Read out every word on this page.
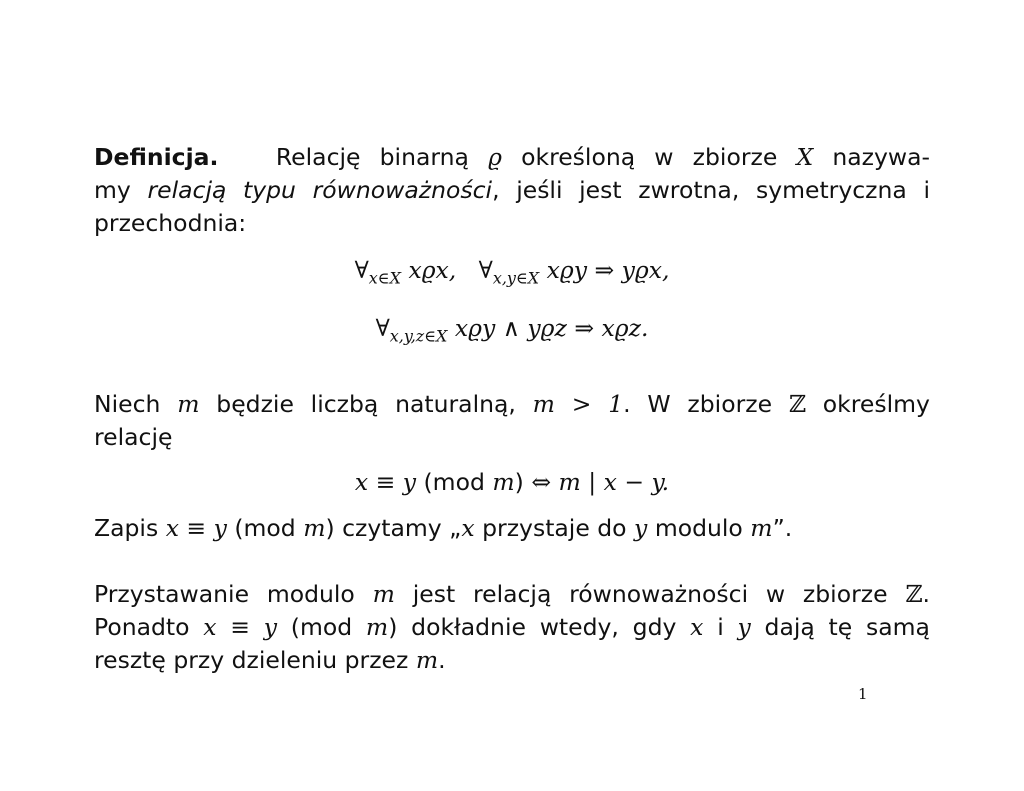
Definicja. Relację binarną ϱ określoną w zbiorze X nazywa-
my relacją typu równoważności, jeśli jest zwrotna, symetryczna i
przechodnia:
$\forall_{x\in X}$ xϱx, $\forall_{x,y\in X}$ xϱy ⇒ yϱx,
$\forall_{x,y,z\in X}$ xϱy ∧ yϱz ⇒ xϱz.
Niech m będzie liczbą naturalną, m > 1. W zbiorze ℤ określmy
relację
x ≡ y (mod m) ⇔ m | x − y.
Zapis x ≡ y (mod m) czytamy „x przystaje do y modulo m”.
Przystawanie modulo m jest relacją równoważności w zbiorze ℤ.
Ponadto x ≡ y (mod m) dokładnie wtedy, gdy x i y dają tę samą
resztę przy dzieleniu przez m.
1
